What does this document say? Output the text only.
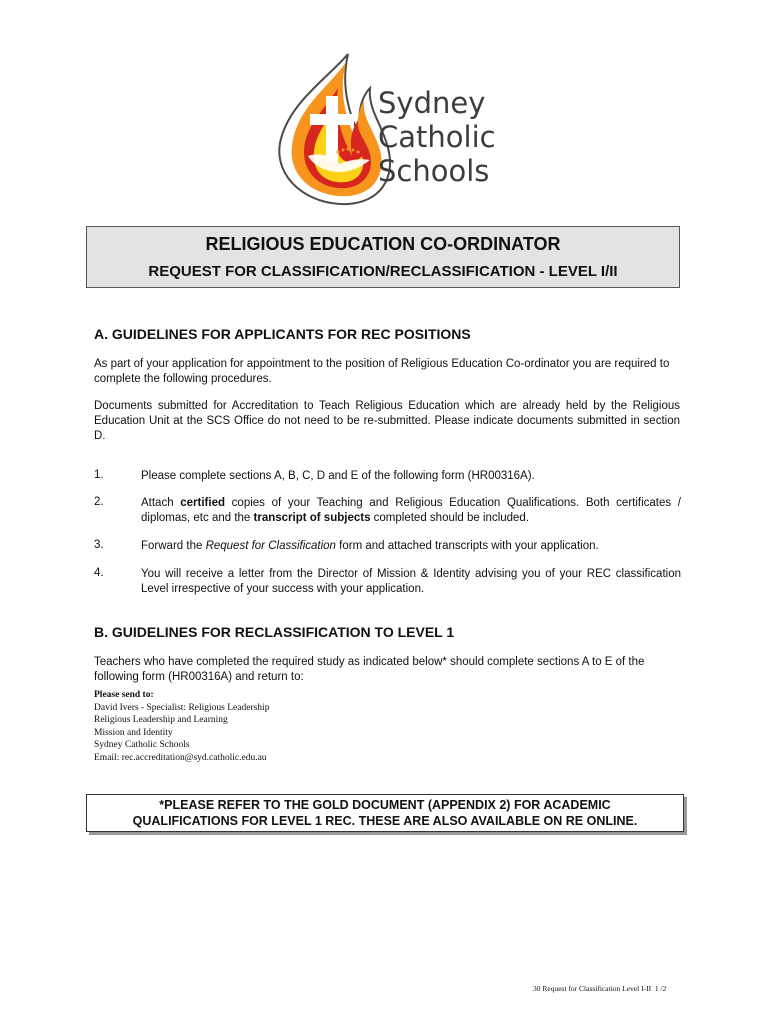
Sydney
Catholic
Schools
RELIGIOUS EDUCATION CO-ORDINATOR
REQUEST FOR CLASSIFICATION/RECLASSIFICATION - LEVEL I/II
A. GUIDELINES FOR APPLICANTS FOR REC POSITIONS
As part of your application for appointment to the position of Religious Education Co-ordinator you are required to complete the following procedures.
Documents submitted for Accreditation to Teach Religious Education which are already held by the Religious Education Unit at the SCS Office do not need to be re-submitted. Please indicate documents submitted in section D.
1.	Please complete sections A, B, C, D and E of the following form (HR00316A).
2.	Attach certified copies of your Teaching and Religious Education Qualifications. Both certificates / diplomas, etc and the transcript of subjects completed should be included.
3.	Forward the Request for Classification form and attached transcripts with your application.
4.	You will receive a letter from the Director of Mission & Identity advising you of your REC classification Level irrespective of your success with your application.
B. GUIDELINES FOR RECLASSIFICATION TO LEVEL 1
Teachers who have completed the required study as indicated below* should complete sections A to E of the following form (HR00316A) and return to:
Please send to:
David Ivers - Specialist: Religious Leadership
Religious Leadership and Learning
Mission and Identity
Sydney Catholic Schools
Email: rec.accreditation@syd.catholic.edu.au
*PLEASE REFER TO THE GOLD DOCUMENT (APPENDIX 2) FOR ACADEMIC
QUALIFICATIONS FOR LEVEL 1 REC. THESE ARE ALSO AVAILABLE ON RE ONLINE.
30 Request for Classification Level I-II 1 /2
